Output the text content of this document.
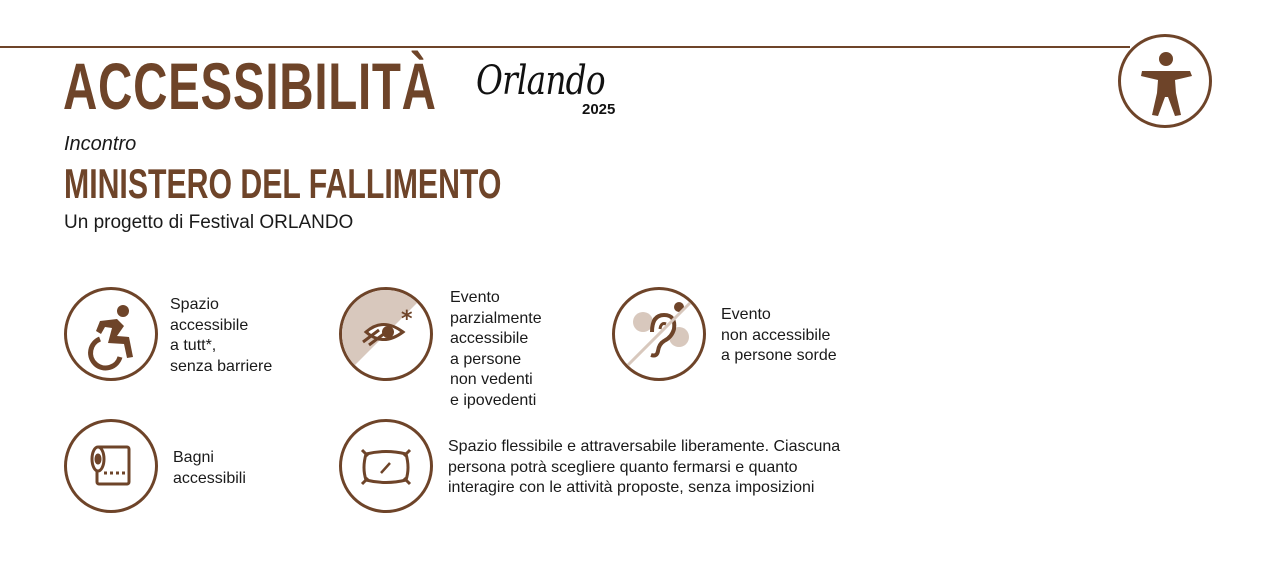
ACCESSIBILITÀ Orlando
2025
Incontro
MINISTERO DEL FALLIMENTO
Un progetto di Festival ORLANDO
Spazio
accessibile
a tutt*,
senza barriere
*
Evento
parzialmente
accessibile
a persone
non vedenti
e ipovedenti
Evento
non accessibile
a persone sorde
Bagni
accessibili
Spazio flessibile e attraversabile liberamente. Ciascuna
persona potrà scegliere quanto fermarsi e quanto
interagire con le attività proposte, senza imposizioni
